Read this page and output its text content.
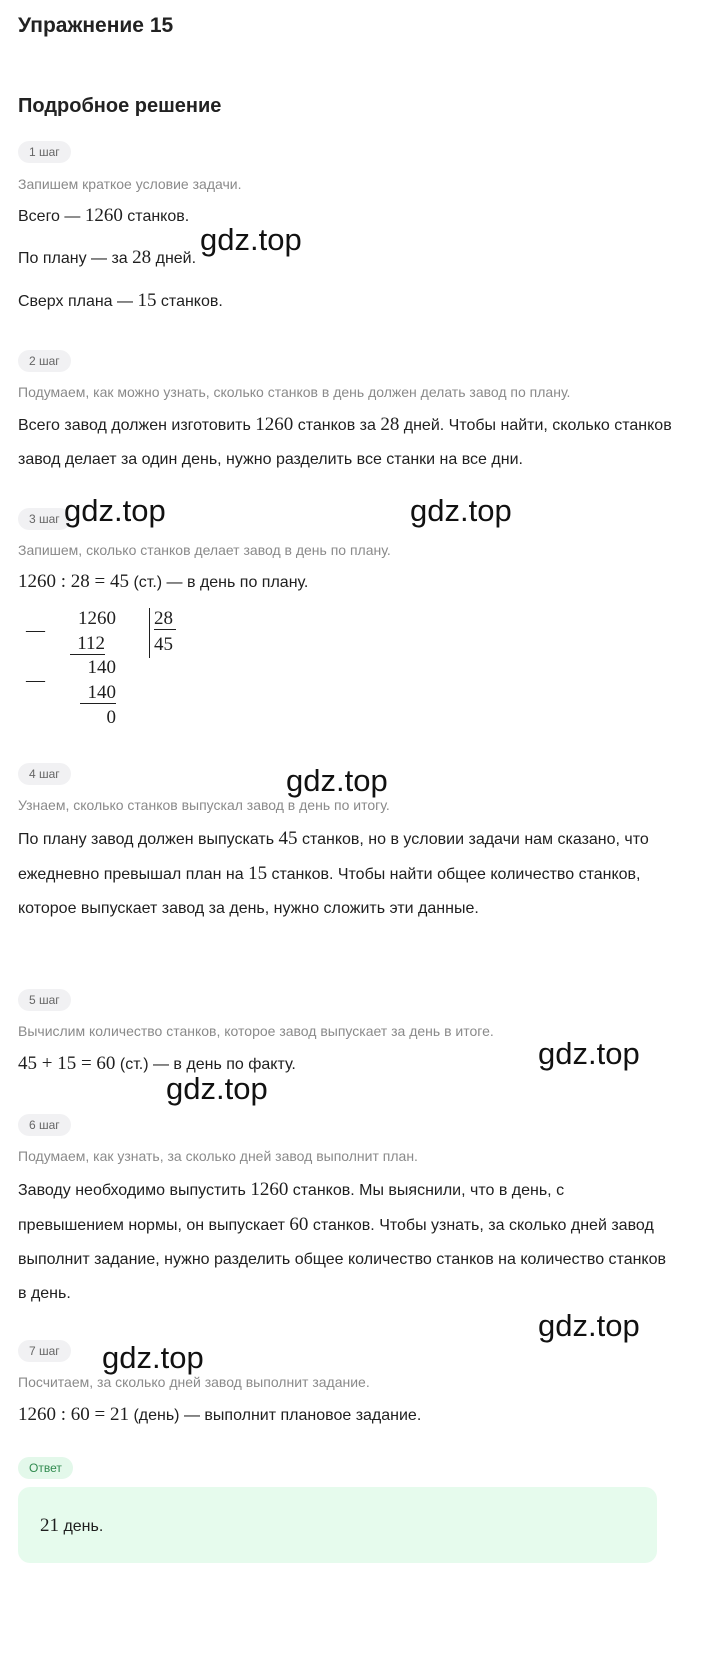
Упражнение 15
Подробное решение
1 шаг
Запишем краткое условие задачи.
Всего — 1260 станков.
По плану — за 28 дней.
Сверх плана — 15 станков.
2 шаг
Подумаем, как можно узнать, сколько станков в день должен делать завод по плану.
Всего завод должен изготовить 1260 станков за 28 дней. Чтобы найти, сколько станков завод делает за один день, нужно разделить все станки на все дни.
3 шаг
Запишем, сколько станков делает завод в день по плану.
1260 : 28 = 45 (ст.) — в день по плану.
—
1260
112
28
45
—
140
140
0
4 шаг
Узнаем, сколько станков выпускал завод в день по итогу.
По плану завод должен выпускать 45 станков, но в условии задачи нам сказано, что ежедневно превышал план на 15 станков. Чтобы найти общее количество станков, которое выпускает завод за день, нужно сложить эти данные.
5 шаг
Вычислим количество станков, которое завод выпускает за день в итоге.
45 + 15 = 60 (ст.) — в день по факту.
6 шаг
Подумаем, как узнать, за сколько дней завод выполнит план.
Заводу необходимо выпустить 1260 станков. Мы выяснили, что в день, с превышением нормы, он выпускает 60 станков. Чтобы узнать, за сколько дней завод выполнит задание, нужно разделить общее количество станков на количество станков в день.
7 шаг
Посчитаем, за сколько дней завод выполнит задание.
1260 : 60 = 21 (день) — выполнит плановое задание.
Ответ
21 день.
gdz.top
gdz.top	gdz.top
gdz.top
gdz.top
gdz.top
gdz.top
gdz.top
